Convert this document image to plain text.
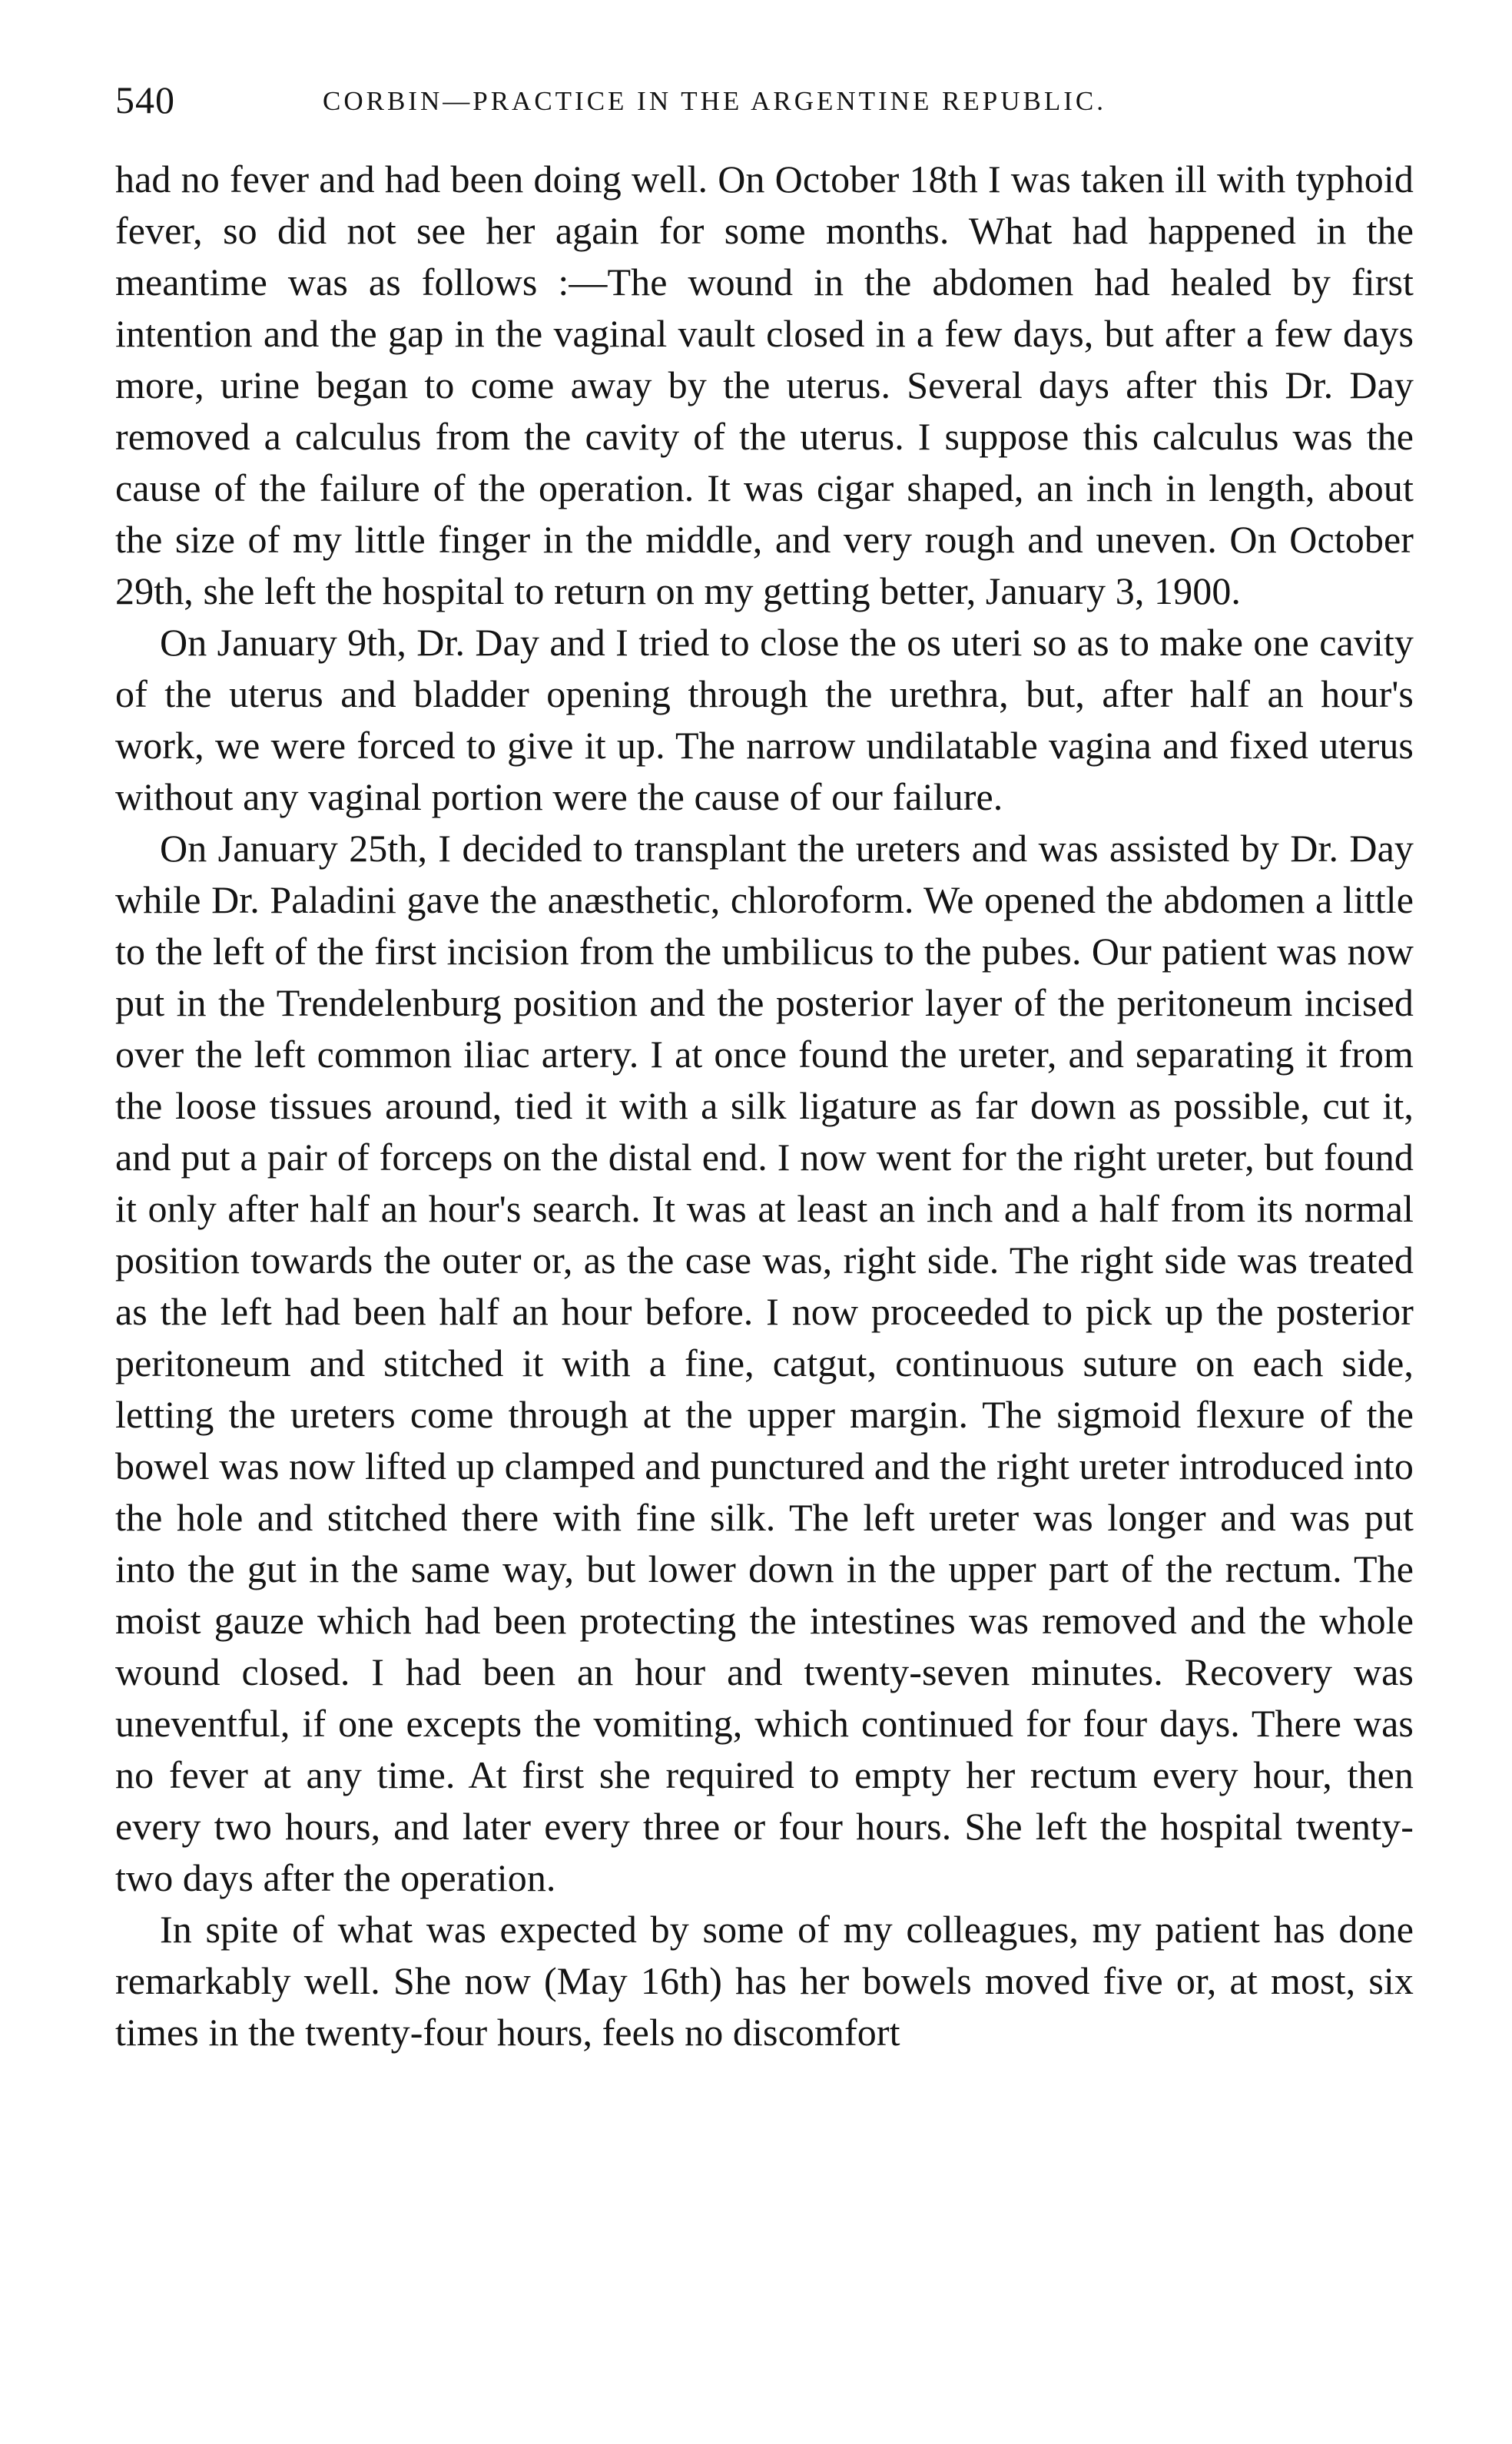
540	CORBIN—PRACTICE IN THE ARGENTINE REPUBLIC.

had no fever and had been doing well. On October 18th I was taken ill with typhoid fever, so did not see her again for some months. What had happened in the meantime was as follows :—The wound in the abdomen had healed by first intention and the gap in the vaginal vault closed in a few days, but after a few days more, urine began to come away by the uterus. Several days after this Dr. Day removed a calculus from the cavity of the uterus. I suppose this calculus was the cause of the failure of the operation. It was cigar shaped, an inch in length, about the size of my little finger in the middle, and very rough and uneven. On October 29th, she left the hospital to return on my getting better, January 3, 1900.

On January 9th, Dr. Day and I tried to close the os uteri so as to make one cavity of the uterus and bladder opening through the urethra, but, after half an hour's work, we were forced to give it up. The narrow undilatable vagina and fixed uterus without any vaginal portion were the cause of our failure.

On January 25th, I decided to transplant the ureters and was assisted by Dr. Day while Dr. Paladini gave the anæsthetic, chloroform. We opened the abdomen a little to the left of the first incision from the umbilicus to the pubes. Our patient was now put in the Trendelenburg position and the posterior layer of the peritoneum incised over the left common iliac artery. I at once found the ureter, and separating it from the loose tissues around, tied it with a silk ligature as far down as possible, cut it, and put a pair of forceps on the distal end. I now went for the right ureter, but found it only after half an hour's search. It was at least an inch and a half from its normal position towards the outer or, as the case was, right side. The right side was treated as the left had been half an hour before. I now proceeded to pick up the posterior peritoneum and stitched it with a fine, catgut, continuous suture on each side, letting the ureters come through at the upper margin. The sigmoid flexure of the bowel was now lifted up clamped and punctured and the right ureter introduced into the hole and stitched there with fine silk. The left ureter was longer and was put into the gut in the same way, but lower down in the upper part of the rectum. The moist gauze which had been protecting the intestines was removed and the whole wound closed. I had been an hour and twenty-seven minutes. Recovery was uneventful, if one excepts the vomiting, which continued for four days. There was no fever at any time. At first she required to empty her rectum every hour, then every two hours, and later every three or four hours. She left the hospital twenty-two days after the operation.

In spite of what was expected by some of my colleagues, my patient has done remarkably well. She now (May 16th) has her bowels moved five or, at most, six times in the twenty-four hours, feels no discomfort
